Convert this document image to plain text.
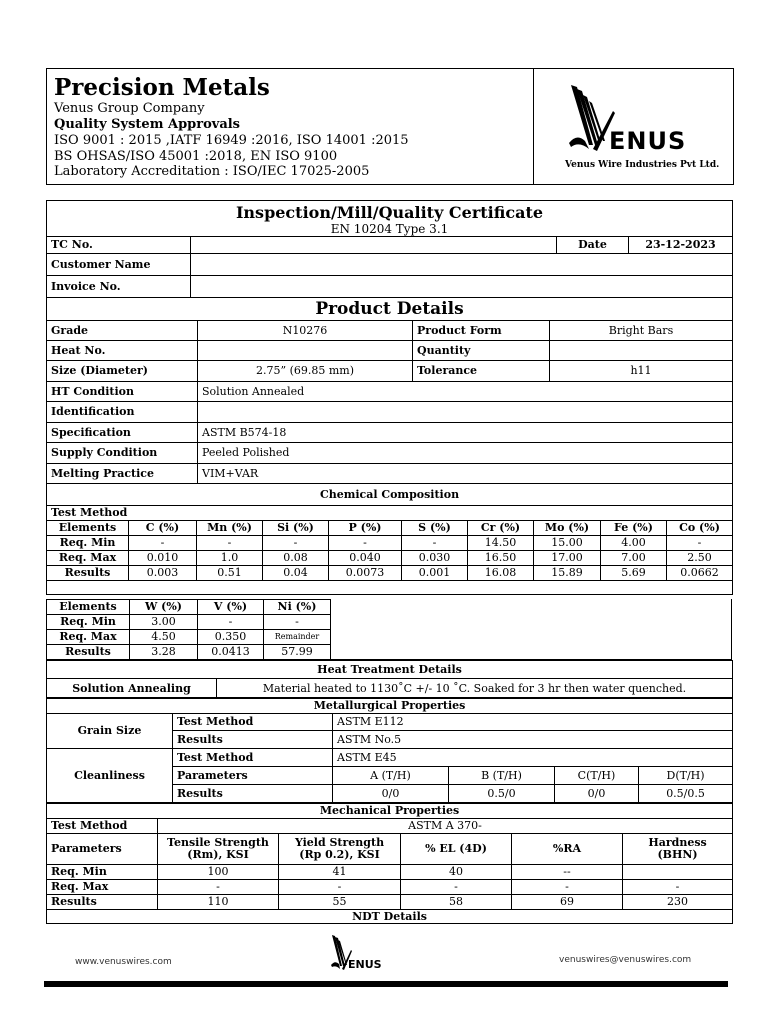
Precision Metals
Venus Group Company
Quality System Approvals
ISO 9001 : 2015 ,IATF 16949 :2016, ISO 14001 :2015
BS OHSAS/ISO 45001 :2018, EN ISO 9100
Laboratory Accreditation : ISO/IEC 17025-2005
ENUS
Venus Wire Industries Pvt Ltd.
Inspection/Mill/Quality Certificate
EN 10204 Type 3.1			

TC No.		Date	23-12-2023
Customer Name			
Invoice No.			
Product Details			
Grade	N10276	Product Form	Bright Bars
Heat No.		Quantity	
Size (Diameter)	2.75” (69.85 mm)	Tolerance	h11
HT Condition	Solution Annealed		
Identification			
Specification	ASTM B574-18		
Supply Condition	Peeled Polished		
Melting Practice	VIM+VAR		
Chemical Composition									
Test Method									
Elements	C (%)	Mn (%)	Si (%)	P (%)	S (%)	Cr (%)	Mo (%)	Fe (%)	Co (%)
Req. Min	-	-	-	-	-	14.50	15.00	4.00	-
Req. Max	0.010	1.0	0.08	0.040	0.030	16.50	17.00	7.00	2.50
Results	0.003	0.51	0.04	0.0073	0.001	16.08	15.89	5.69	0.0662

Elements	W (%)	V (%)	Ni (%)
Req. Min	3.00	-	-
Req. Max	4.50	0.350	Remainder
Results	3.28	0.0413	57.99
Heat Treatment Details
Solution Annealing	Material heated to 1130˚C +/- 10 ˚C. Soaked for 3 hr then water quenched.
Metallurgical Properties					
Grain Size	Test Method	ASTM E112			
	Results	ASTM No.5			
Cleanliness	Test Method	ASTM E45			
	Parameters	A (T/H)	B (T/H)	C(T/H)	D(T/H)
	Results	0/0	0.5/0	0/0	0.5/0.5
Mechanical Properties					
Test Method	ASTM A 370-				
Parameters	Tensile Strength (Rm), KSI	Yield Strength (Rp 0.2), KSI	% EL (4D)	%RA	Hardness (BHN)
Req. Min	100	41	40	--	
Req. Max	-	-	-	-	-
Results	110	55	58	69	230
NDT Details					
www.venuswires.com	ENUS	venuswires@venuswires.com
